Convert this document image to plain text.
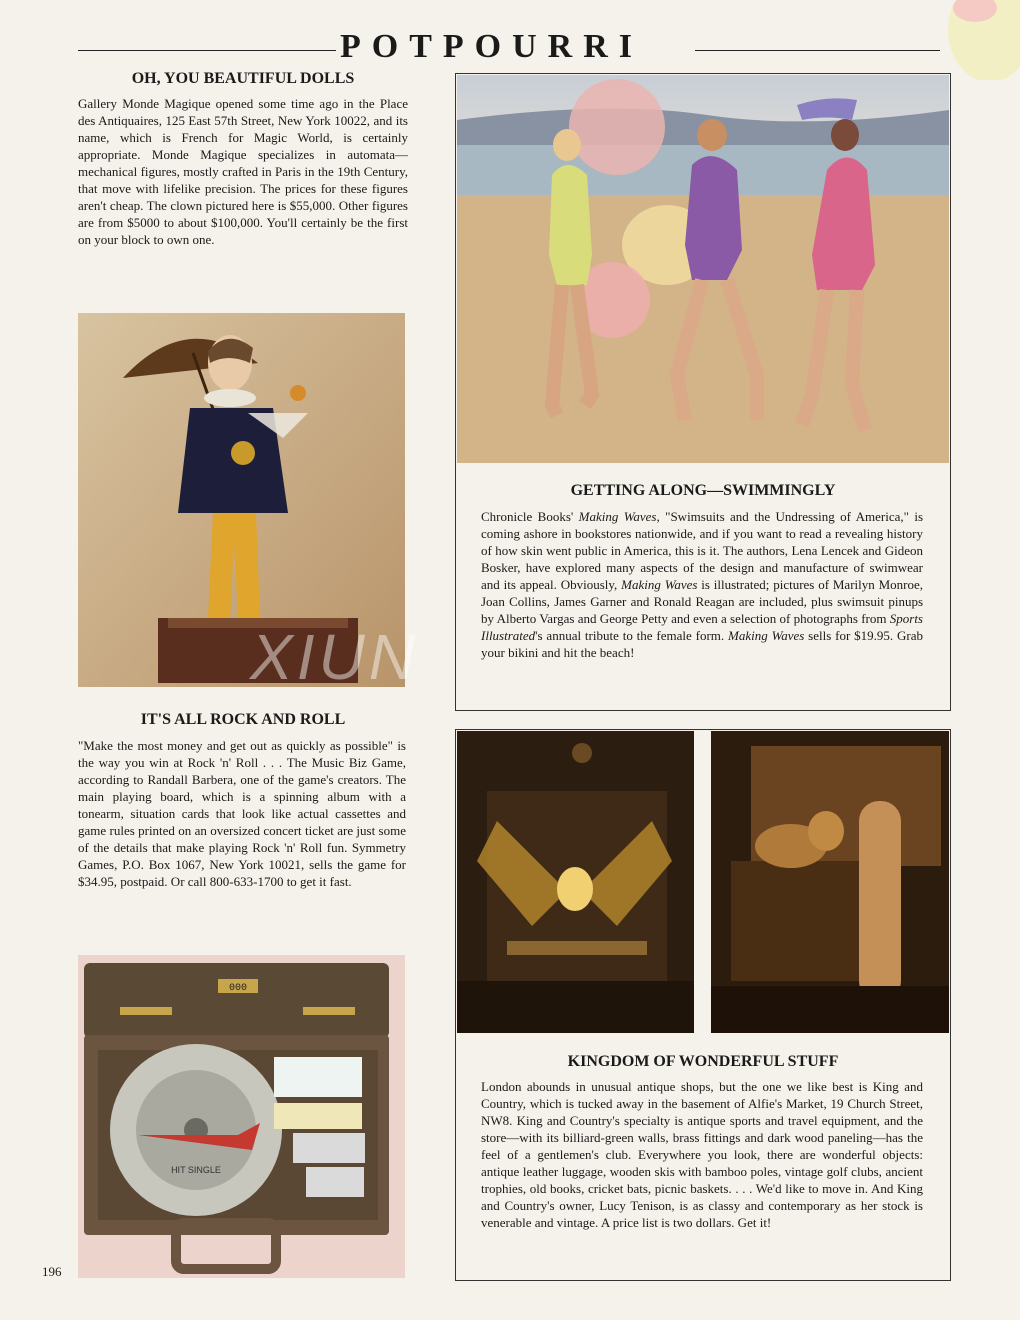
POTPOURRI
OH, YOU BEAUTIFUL DOLLS
Gallery Monde Magique opened some time ago in the Place des Antiquaires, 125 East 57th Street, New York 10022, and its name, which is French for Magic World, is certainly appropriate. Monde Magique specializes in automata—mechanical figures, mostly crafted in Paris in the 19th Century, that move with lifelike precision. The prices for these figures aren't cheap. The clown pictured here is $55,000. Other figures are from $5000 to about $100,000. You'll certainly be the first on your block to own one.
IT'S ALL ROCK AND ROLL
"Make the most money and get out as quickly as possible" is the way you win at Rock 'n' Roll . . . The Music Biz Game, according to Randall Barbera, one of the game's creators. The main playing board, which is a spinning album with a tonearm, situation cards that look like actual cassettes and game rules printed on an oversized concert ticket are just some of the details that make playing Rock 'n' Roll fun. Symmetry Games, P.O. Box 1067, New York 10021, sells the game for $34.95, postpaid. Or call 800-633-1700 to get it fast.
000
HIT SINGLE
GETTING ALONG—SWIMMINGLY
Chronicle Books' Making Waves, "Swimsuits and the Undressing of America," is coming ashore in bookstores nationwide, and if you want to read a revealing history of how skin went public in America, this is it. The authors, Lena Lencek and Gideon Bosker, have explored many aspects of the design and manufacture of swimwear and its appeal. Obviously, Making Waves is illustrated; pictures of Marilyn Monroe, Joan Collins, James Garner and Ronald Reagan are included, plus swimsuit pinups by Alberto Vargas and George Petty and even a selection of photographs from Sports Illustrated's annual tribute to the female form. Making Waves sells for $19.95. Grab your bikini and hit the beach!
KINGDOM OF WONDERFUL STUFF
London abounds in unusual antique shops, but the one we like best is King and Country, which is tucked away in the basement of Alfie's Market, 19 Church Street, NW8. King and Country's specialty is antique sports and travel equipment, and the store—with its billiard-green walls, brass fittings and dark wood paneling—has the feel of a gentlemen's club. Everywhere you look, there are wonderful objects: antique leather luggage, wooden skis with bamboo poles, vintage golf clubs, ancient trophies, old books, cricket bats, picnic baskets. . . . We'd like to move in. And King and Country's owner, Lucy Tenison, is as classy and contemporary as her stock is venerable and vintage. A price list is two dollars. Get it!
XIUN
196
